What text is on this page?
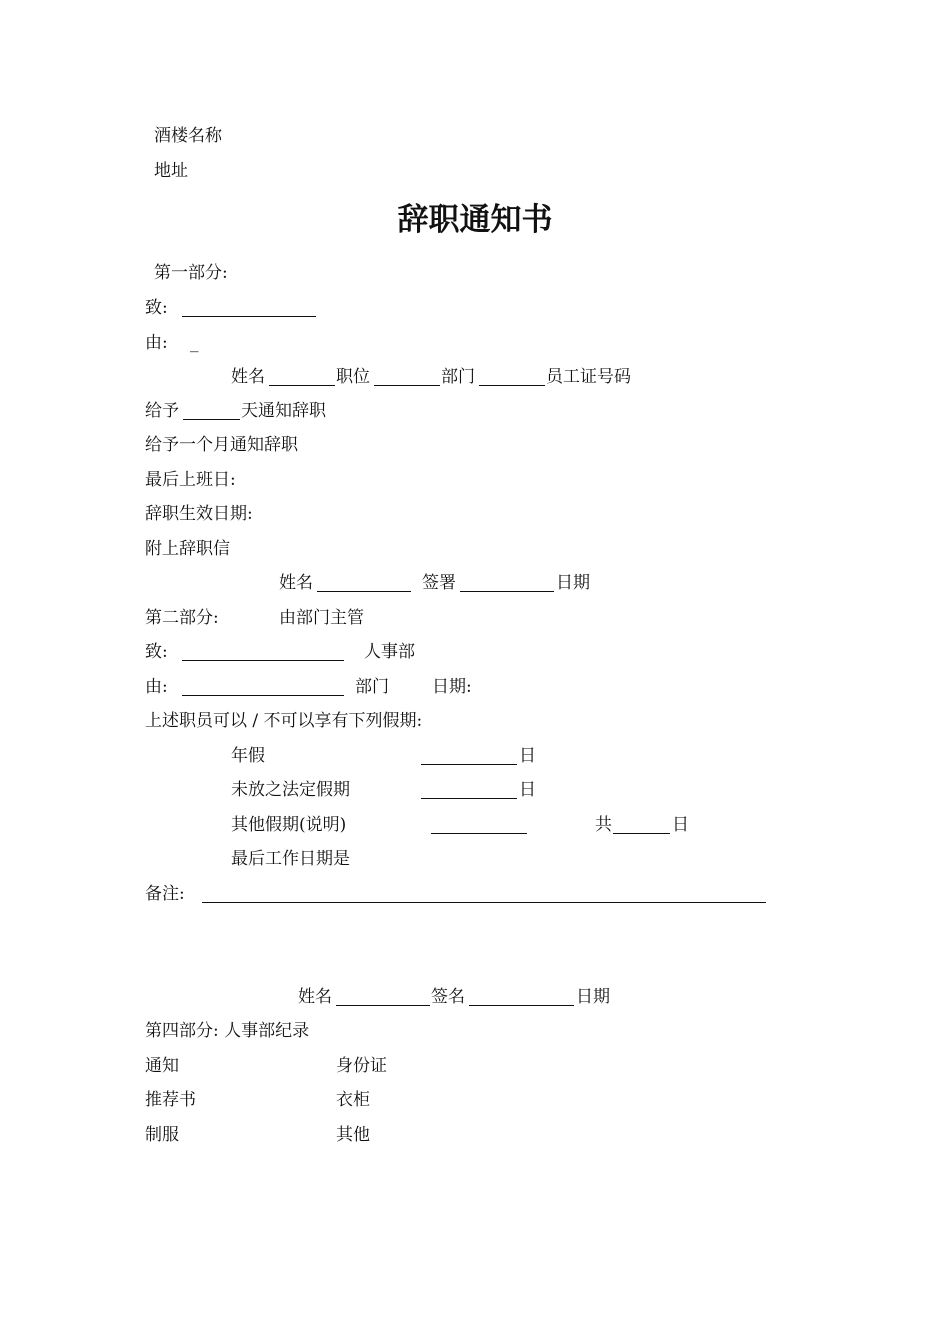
酒楼名称
地址
辞职通知书
第一部分:
致:
由: _
姓名	职位	部门	员工证号码
给予	天通知辞职
给予一个月通知辞职
最后上班日:
辞职生效日期:
附上辞职信
姓名	签署	日期
第二部分:	由部门主管
致:	人事部
由:	部门	日期:
上述职员可以 / 不可以享有下列假期:
年假	日
未放之法定假期	日
其他假期(说明)	共	日
最后工作日期是
备注:
姓名	签名	日期
第四部分: 人事部纪录
通知	身份证
推荐书	衣柜
制服	其他
